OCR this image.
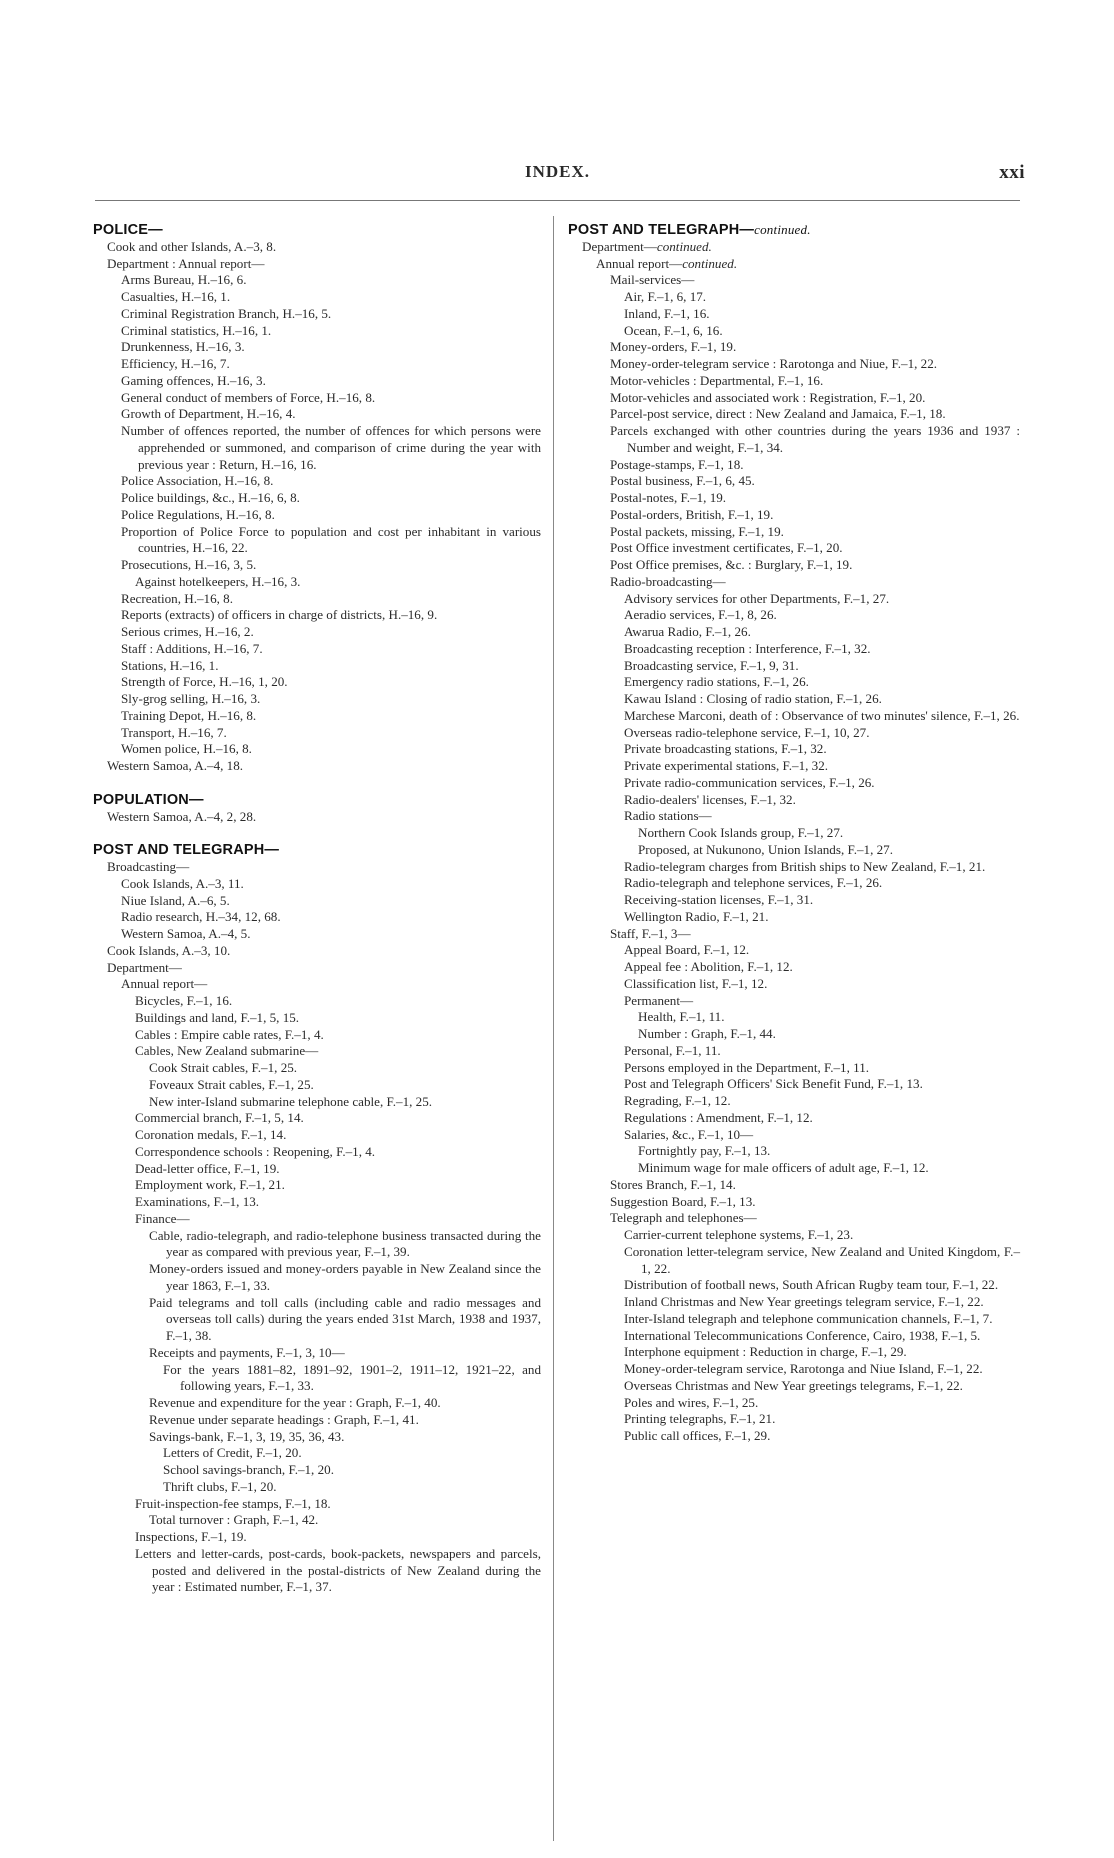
INDEX.	xxi
POLICE—
Cook and other Islands, A.–3, 8.
Department : Annual report—
Arms Bureau, H.–16, 6.
Casualties, H.–16, 1.
Criminal Registration Branch, H.–16, 5.
Criminal statistics, H.–16, 1.
Drunkenness, H.–16, 3.
Efficiency, H.–16, 7.
Gaming offences, H.–16, 3.
General conduct of members of Force, H.–16, 8.
Growth of Department, H.–16, 4.
Number of offences reported, the number of offences for which persons were apprehended or summoned, and comparison of crime during the year with previous year : Return, H.–16, 16.
Police Association, H.–16, 8.
Police buildings, &c., H.–16, 6, 8.
Police Regulations, H.–16, 8.
Proportion of Police Force to population and cost per inhabitant in various countries, H.–16, 22.
Prosecutions, H.–16, 3, 5.
Against hotelkeepers, H.–16, 3.
Recreation, H.–16, 8.
Reports (extracts) of officers in charge of districts, H.–16, 9.
Serious crimes, H.–16, 2.
Staff : Additions, H.–16, 7.
Stations, H.–16, 1.
Strength of Force, H.–16, 1, 20.
Sly-grog selling, H.–16, 3.
Training Depot, H.–16, 8.
Transport, H.–16, 7.
Women police, H.–16, 8.
Western Samoa, A.–4, 18.
POPULATION—
Western Samoa, A.–4, 2, 28.
POST AND TELEGRAPH—
Broadcasting—
Cook Islands, A.–3, 11.
Niue Island, A.–6, 5.
Radio research, H.–34, 12, 68.
Western Samoa, A.–4, 5.
Cook Islands, A.–3, 10.
Department—
Annual report—
Bicycles, F.–1, 16.
Buildings and land, F.–1, 5, 15.
Cables : Empire cable rates, F.–1, 4.
Cables, New Zealand submarine—
Cook Strait cables, F.–1, 25.
Foveaux Strait cables, F.–1, 25.
New inter-Island submarine telephone cable, F.–1, 25.
Commercial branch, F.–1, 5, 14.
Coronation medals, F.–1, 14.
Correspondence schools : Reopening, F.–1, 4.
Dead-letter office, F.–1, 19.
Employment work, F.–1, 21.
Examinations, F.–1, 13.
Finance—
Cable, radio-telegraph, and radio-telephone business transacted during the year as compared with previous year, F.–1, 39.
Money-orders issued and money-orders payable in New Zealand since the year 1863, F.–1, 33.
Paid telegrams and toll calls (including cable and radio messages and overseas toll calls) during the years ended 31st March, 1938 and 1937, F.–1, 38.
Receipts and payments, F.–1, 3, 10—
For the years 1881–82, 1891–92, 1901–2, 1911–12, 1921–22, and following years, F.–1, 33.
Revenue and expenditure for the year : Graph, F.–1, 40.
Revenue under separate headings : Graph, F.–1, 41.
Savings-bank, F.–1, 3, 19, 35, 36, 43.
Letters of Credit, F.–1, 20.
School savings-branch, F.–1, 20.
Thrift clubs, F.–1, 20.
Fruit-inspection-fee stamps, F.–1, 18.
Total turnover : Graph, F.–1, 42.
Inspections, F.–1, 19.
Letters and letter-cards, post-cards, book-packets, newspapers and parcels, posted and delivered in the postal-districts of New Zealand during the year : Estimated number, F.–1, 37.
POST AND TELEGRAPH—continued.
Department—continued.
Annual report—continued.
Mail-services—
Air, F.–1, 6, 17.
Inland, F.–1, 16.
Ocean, F.–1, 6, 16.
Money-orders, F.–1, 19.
Money-order-telegram service : Rarotonga and Niue, F.–1, 22.
Motor-vehicles : Departmental, F.–1, 16.
Motor-vehicles and associated work : Registration, F.–1, 20.
Parcel-post service, direct : New Zealand and Jamaica, F.–1, 18.
Parcels exchanged with other countries during the years 1936 and 1937 : Number and weight, F.–1, 34.
Postage-stamps, F.–1, 18.
Postal business, F.–1, 6, 45.
Postal-notes, F.–1, 19.
Postal-orders, British, F.–1, 19.
Postal packets, missing, F.–1, 19.
Post Office investment certificates, F.–1, 20.
Post Office premises, &c. : Burglary, F.–1, 19.
Radio-broadcasting—
Advisory services for other Departments, F.–1, 27.
Aeradio services, F.–1, 8, 26.
Awarua Radio, F.–1, 26.
Broadcasting reception : Interference, F.–1, 32.
Broadcasting service, F.–1, 9, 31.
Emergency radio stations, F.–1, 26.
Kawau Island : Closing of radio station, F.–1, 26.
Marchese Marconi, death of : Observance of two minutes' silence, F.–1, 26.
Overseas radio-telephone service, F.–1, 10, 27.
Private broadcasting stations, F.–1, 32.
Private experimental stations, F.–1, 32.
Private radio-communication services, F.–1, 26.
Radio-dealers' licenses, F.–1, 32.
Radio stations—
Northern Cook Islands group, F.–1, 27.
Proposed, at Nukunono, Union Islands, F.–1, 27.
Radio-telegram charges from British ships to New Zealand, F.–1, 21.
Radio-telegraph and telephone services, F.–1, 26.
Receiving-station licenses, F.–1, 31.
Wellington Radio, F.–1, 21.
Staff, F.–1, 3—
Appeal Board, F.–1, 12.
Appeal fee : Abolition, F.–1, 12.
Classification list, F.–1, 12.
Permanent—
Health, F.–1, 11.
Number : Graph, F.–1, 44.
Personal, F.–1, 11.
Persons employed in the Department, F.–1, 11.
Post and Telegraph Officers' Sick Benefit Fund, F.–1, 13.
Regrading, F.–1, 12.
Regulations : Amendment, F.–1, 12.
Salaries, &c., F.–1, 10—
Fortnightly pay, F.–1, 13.
Minimum wage for male officers of adult age, F.–1, 12.
Stores Branch, F.–1, 14.
Suggestion Board, F.–1, 13.
Telegraph and telephones—
Carrier-current telephone systems, F.–1, 23.
Coronation letter-telegram service, New Zealand and United Kingdom, F.–1, 22.
Distribution of football news, South African Rugby team tour, F.–1, 22.
Inland Christmas and New Year greetings telegram service, F.–1, 22.
Inter-Island telegraph and telephone communication channels, F.–1, 7.
International Telecommunications Conference, Cairo, 1938, F.–1, 5.
Interphone equipment : Reduction in charge, F.–1, 29.
Money-order-telegram service, Rarotonga and Niue Island, F.–1, 22.
Overseas Christmas and New Year greetings telegrams, F.–1, 22.
Poles and wires, F.–1, 25.
Printing telegraphs, F.–1, 21.
Public call offices, F.–1, 29.
